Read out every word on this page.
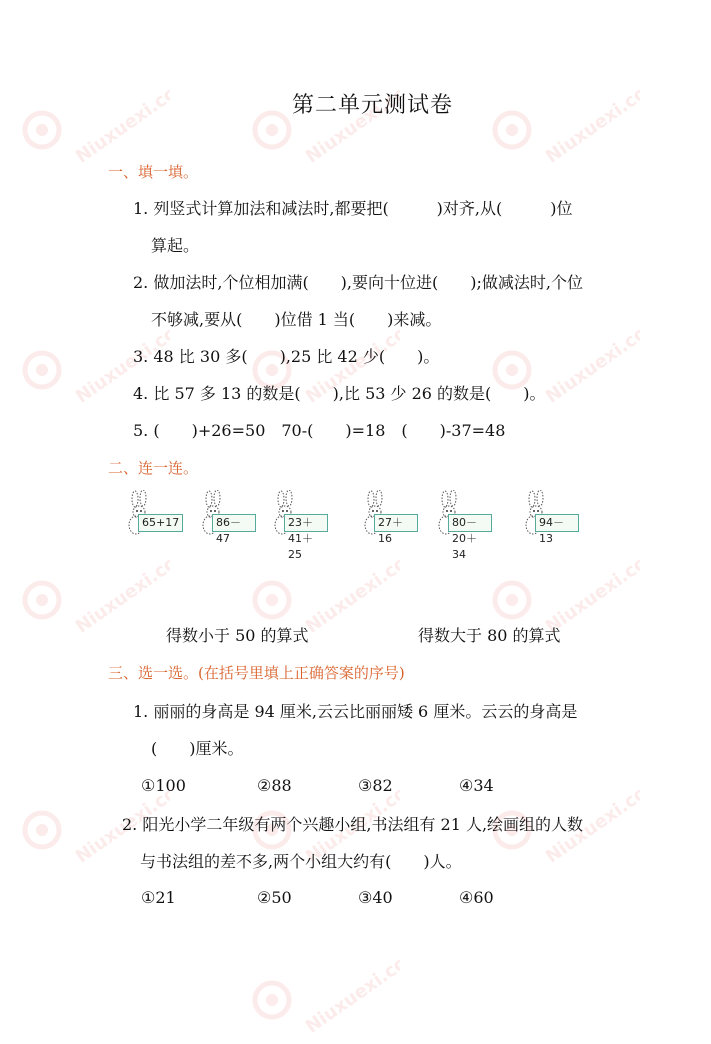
Niuxuexi.com	Niuxuexi.com	Niuxuexi.com
Niuxuexi.com	Niuxuexi.com	Niuxuexi.com
Niuxuexi.com	Niuxuexi.com	Niuxuexi.com
Niuxuexi.com	Niuxuexi.com	Niuxuexi.com
Niuxuexi.com
第二单元测试卷
一、填一填。
1. 列竖式计算加法和减法时,都要把(　　　)对齐,从(　　　)位
算起。
2. 做加法时,个位相加满(　　),要向十位进(　　);做减法时,个位
不够减,要从(　　)位借 1 当(　　)来减。
3. 48 比 30 多(　　),25 比 42 少(　　)。
4. 比 57 多 13 的数是(　　),比 53 少 26 的数是(　　)。
5. (　　)+26=50　70-(　　)=18　(　　)-37=48
二、连一连。
65+17	86－47
23＋41＋25
27＋16
80－20＋34
94－13
得数小于 50 的算式	得数大于 80 的算式
三、选一选。(在括号里填上正确答案的序号)
1. 丽丽的身高是 94 厘米,云云比丽丽矮 6 厘米。云云的身高是
(　　)厘米。
①100	②88	③82	④34
2. 阳光小学二年级有两个兴趣小组,书法组有 21 人,绘画组的人数
与书法组的差不多,两个小组大约有(　　)人。
①21	②50	③40	④60
